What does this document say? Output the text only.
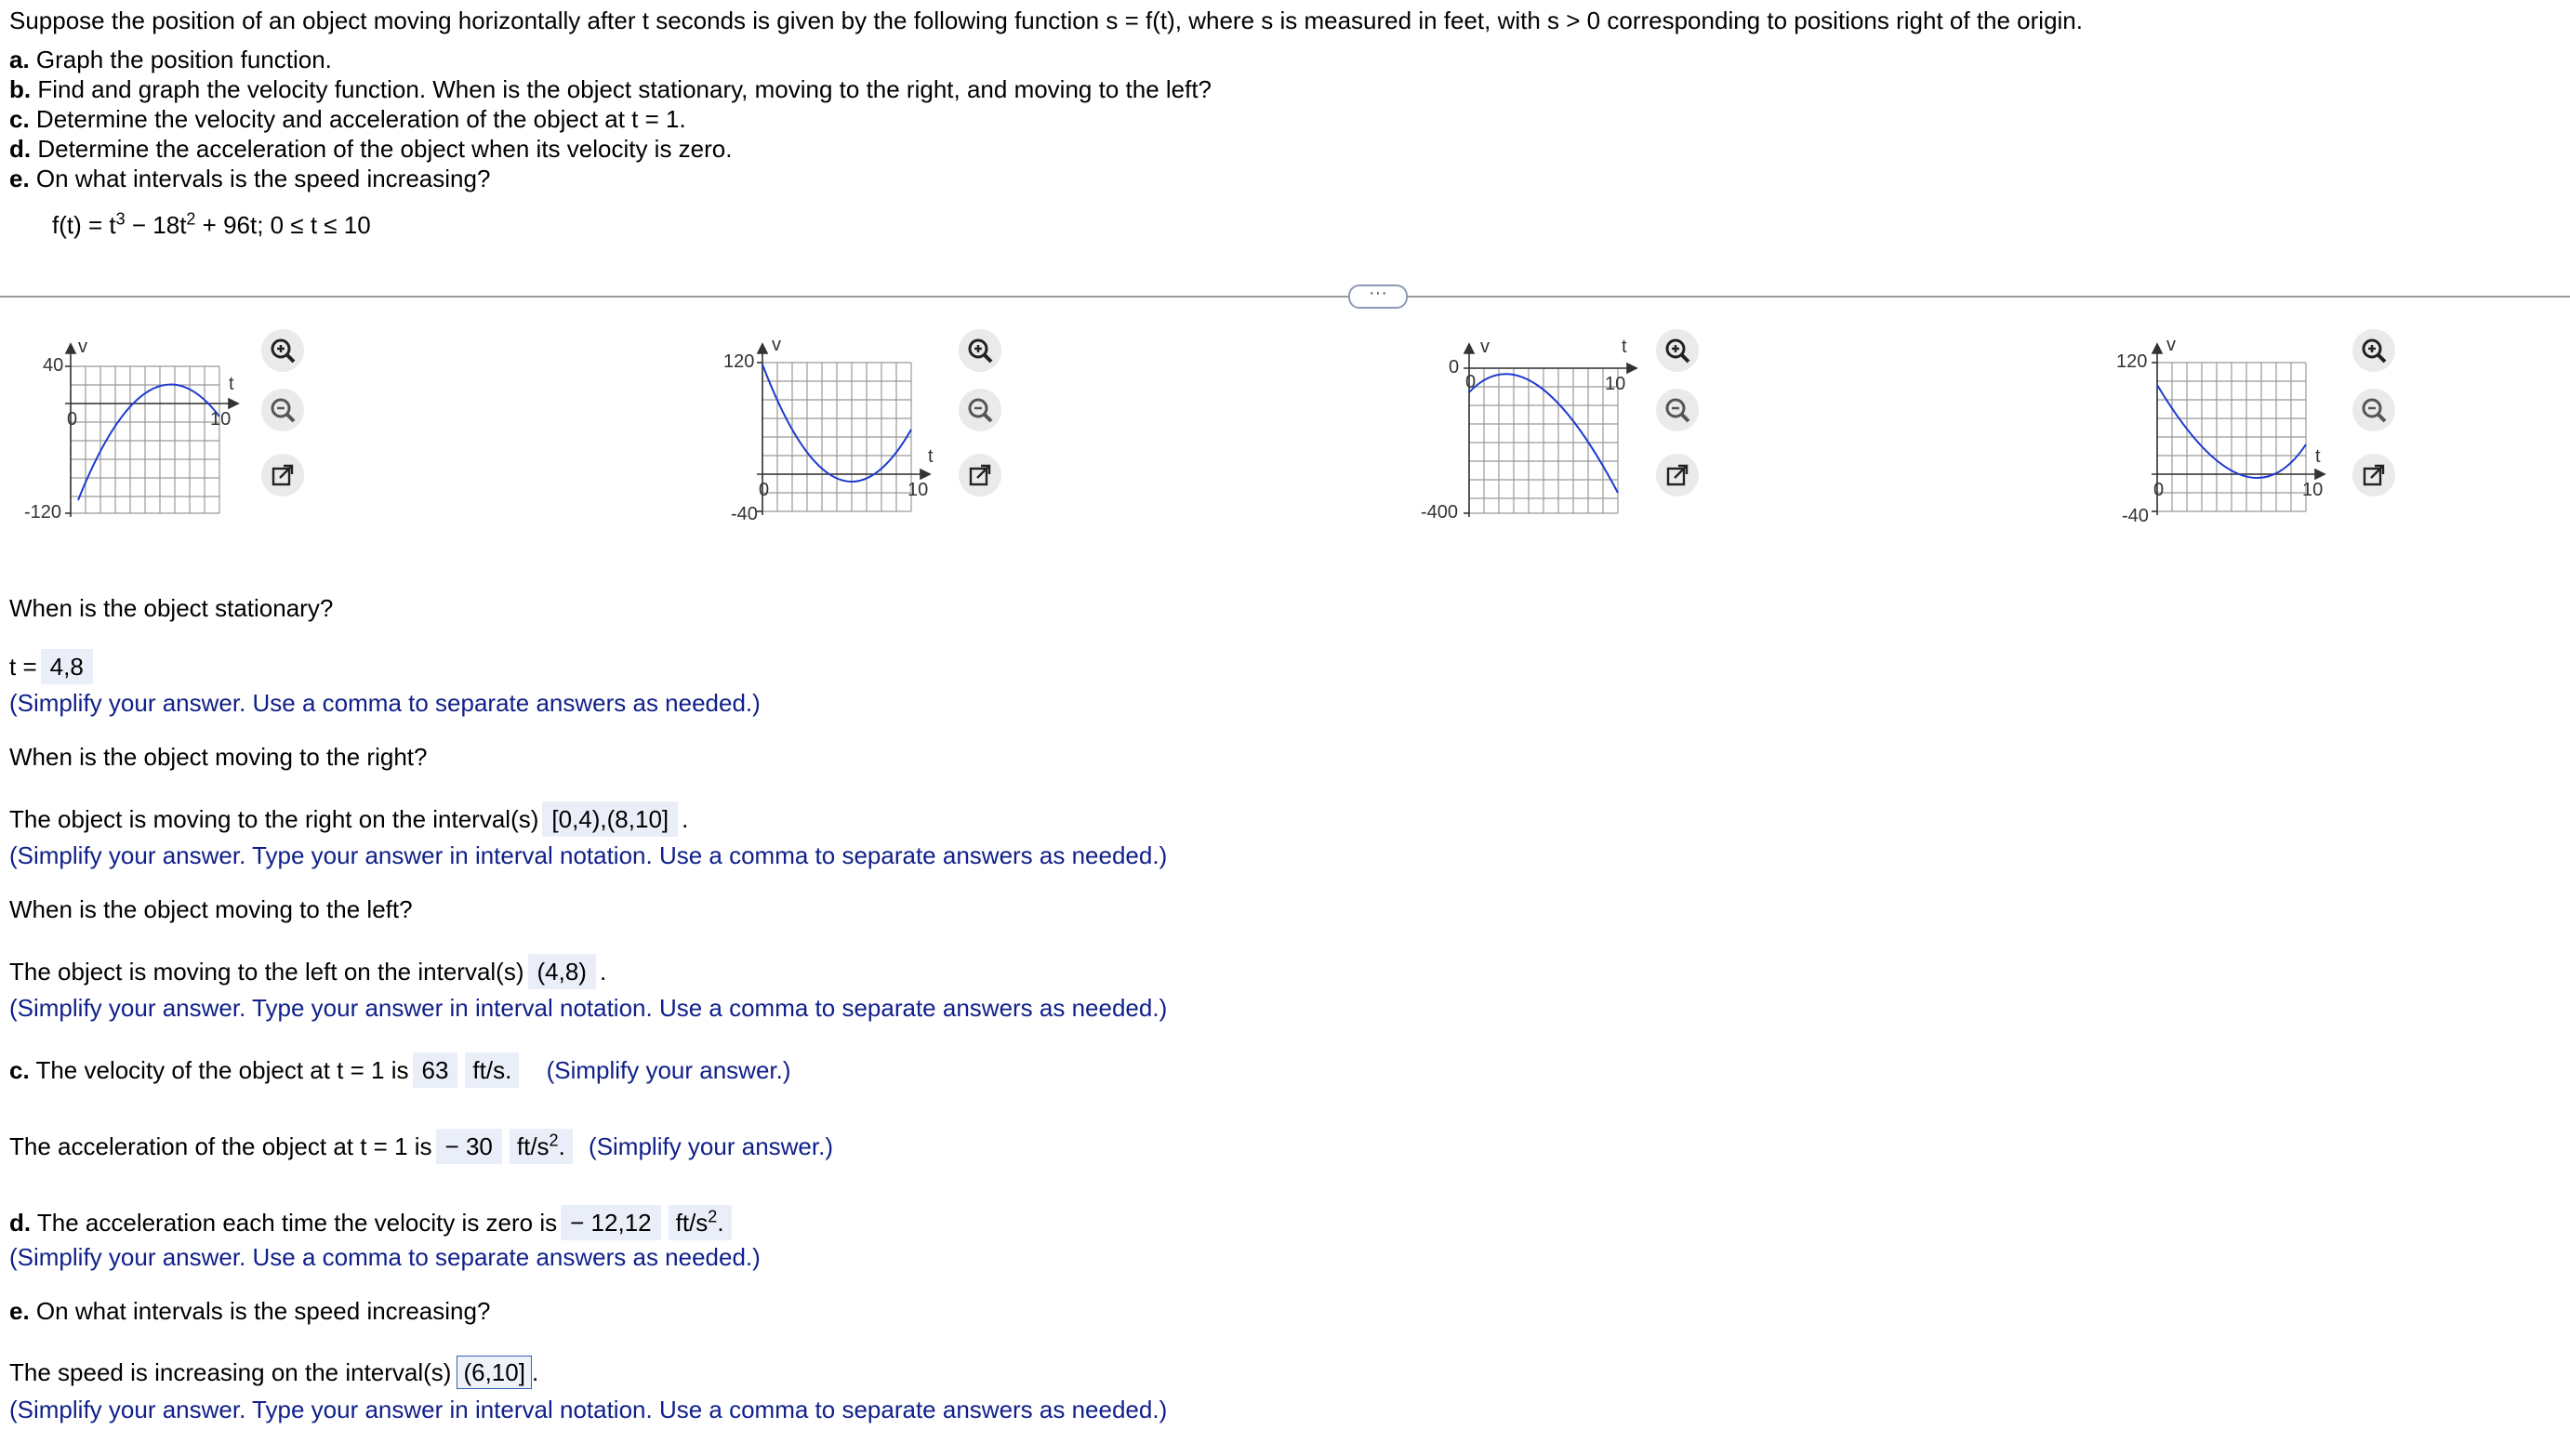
Suppose the position of an object moving horizontally after t seconds is given by the following function s = f(t), where s is measured in feet, with s > 0 corresponding to positions right of the origin.
a. Graph the position function.
b. Find and graph the velocity function. When is the object stationary, moving to the right, and moving to the left?
c. Determine the velocity and acceleration of the object at t = 1.
d. Determine the acceleration of the object when its velocity is zero.
e. On what intervals is the speed increasing?
$f(t) = t^3 - 18t^2 + 96t$; 0 ≤ t ≤ 10
···
v
t
40
-120
0	10
v
t
120
-40
0	10
v	t
0
-400
0	10
v
t
120
-40
0	10
When is the object stationary?
t = 4,8
(Simplify your answer. Use a comma to separate answers as needed.)
When is the object moving to the right?
The object is moving to the right on the interval(s) [0,4),(8,10] .
(Simplify your answer. Type your answer in interval notation. Use a comma to separate answers as needed.)
When is the object moving to the left?
The object is moving to the left on the interval(s) (4,8) .
(Simplify your answer. Type your answer in interval notation. Use a comma to separate answers as needed.)
c. The velocity of the object at t = 1 is 63 ft/s. (Simplify your answer.)
The acceleration of the object at t = 1 is − 30 $ft/s^2$. (Simplify your answer.)
d. The acceleration each time the velocity is zero is − 12,12 $ft/s^2$.
(Simplify your answer. Use a comma to separate answers as needed.)
e. On what intervals is the speed increasing?
The speed is increasing on the interval(s) (6,10] .
(Simplify your answer. Type your answer in interval notation. Use a comma to separate answers as needed.)
